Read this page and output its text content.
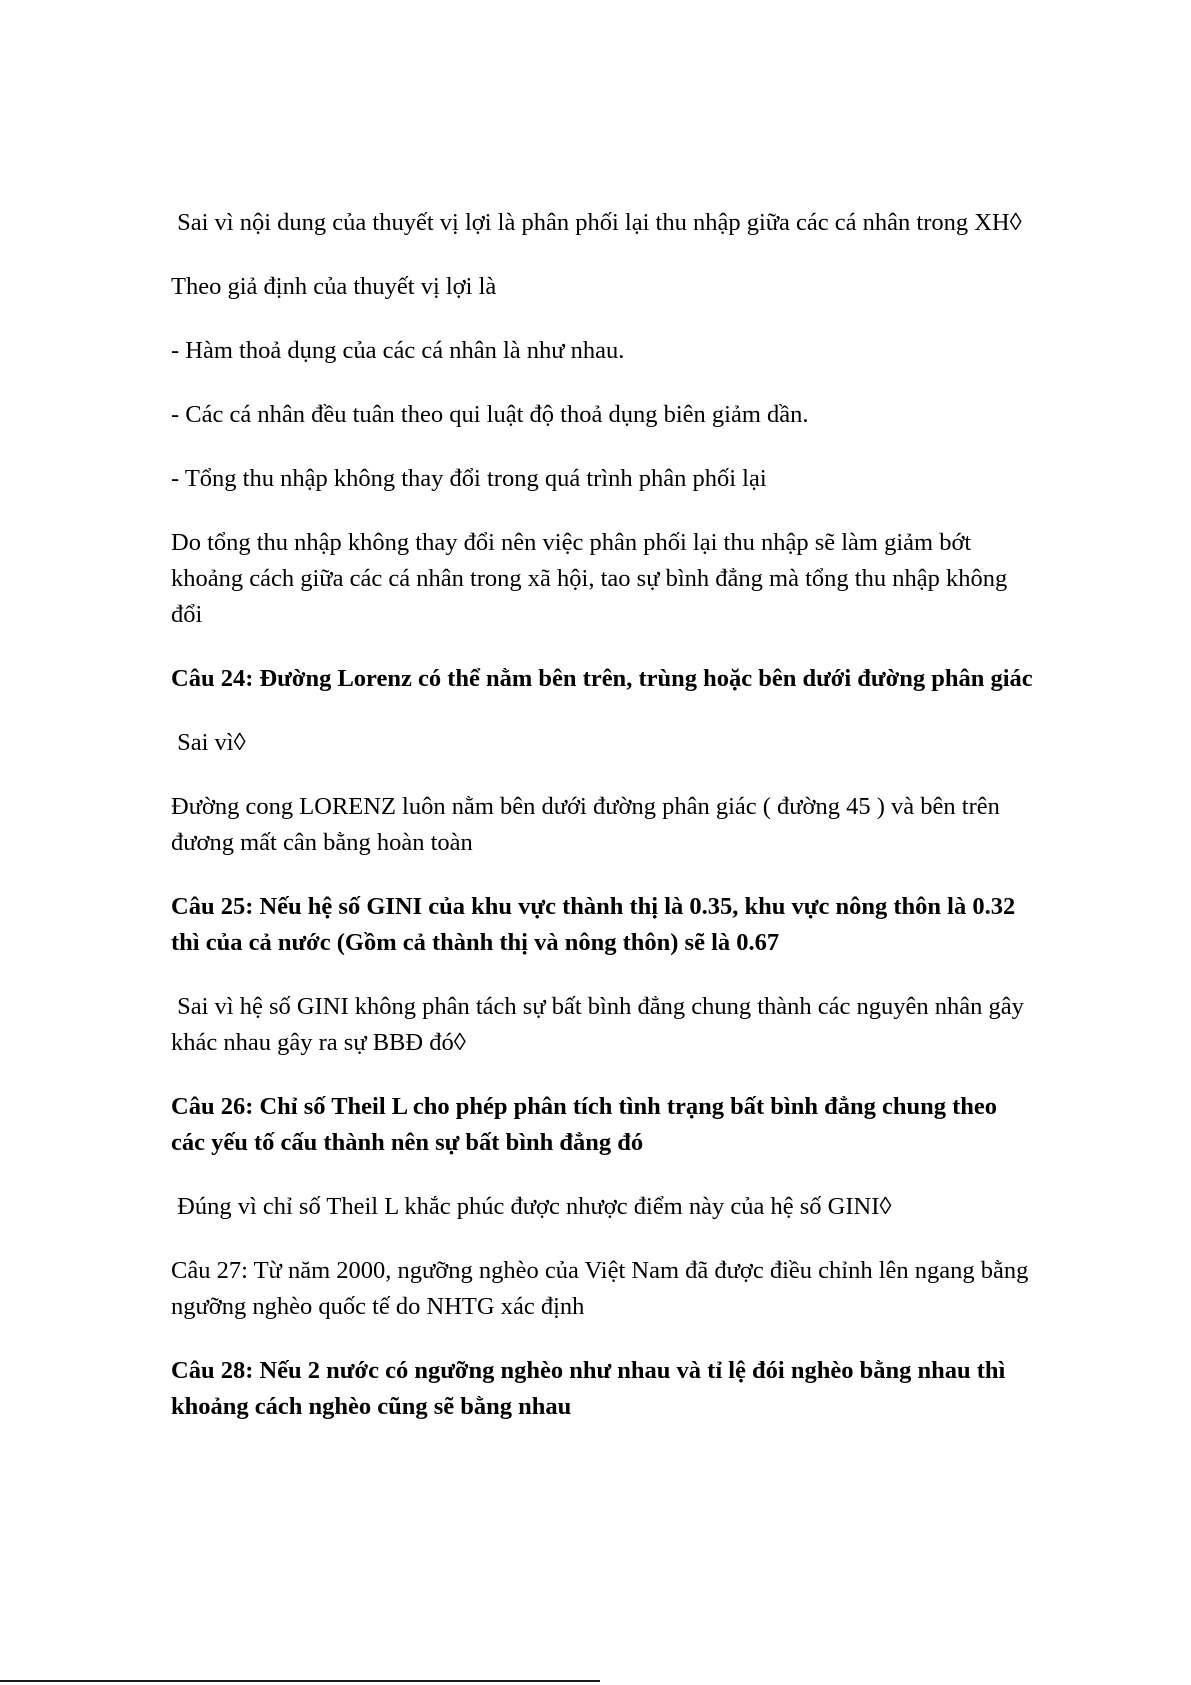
Sai vì nội dung của thuyết vị lợi là phân phối lại thu nhập giữa các cá nhân trong XH◊

Theo giả định của thuyết vị lợi là

- Hàm thoả dụng của các cá nhân là như nhau.

- Các cá nhân đều tuân theo qui luật độ thoả dụng biên giảm dần.

- Tổng thu nhập không thay đổi trong quá trình phân phối lại

Do tổng thu nhập không thay đổi nên việc phân phối lại thu nhập sẽ làm giảm bớt khoảng cách giữa các cá nhân trong xã hội, tao sự bình đẳng mà tổng thu nhập không đổi

Câu 24: Đường Lorenz có thể nằm bên trên, trùng hoặc bên dưới đường phân giác

Sai vì◊

Đường cong LORENZ luôn nằm bên dưới đường phân giác ( đường 45 ) và bên trên đương mất cân bằng hoàn toàn

Câu 25: Nếu hệ số GINI của khu vực thành thị là 0.35, khu vực nông thôn là 0.32 thì của cả nước (Gồm cả thành thị và nông thôn) sẽ là 0.67

Sai vì hệ số GINI không phân tách sự bất bình đẳng chung thành các nguyên nhân gây khác nhau gây ra sự BBĐ đó◊

Câu 26: Chỉ số Theil L cho phép phân tích tình trạng bất bình đẳng chung theo các yếu tố cấu thành nên sự bất bình đẳng đó

Đúng vì chỉ số Theil L khắc phúc được nhược điểm này của hệ số GINI◊

Câu 27: Từ năm 2000, ngưỡng nghèo của Việt Nam đã được điều chỉnh lên ngang bằng ngưỡng nghèo quốc tế do NHTG xác định

Câu 28: Nếu 2 nước có ngưỡng nghèo như nhau và tỉ lệ đói nghèo bằng nhau thì khoảng cách nghèo cũng sẽ bằng nhau
